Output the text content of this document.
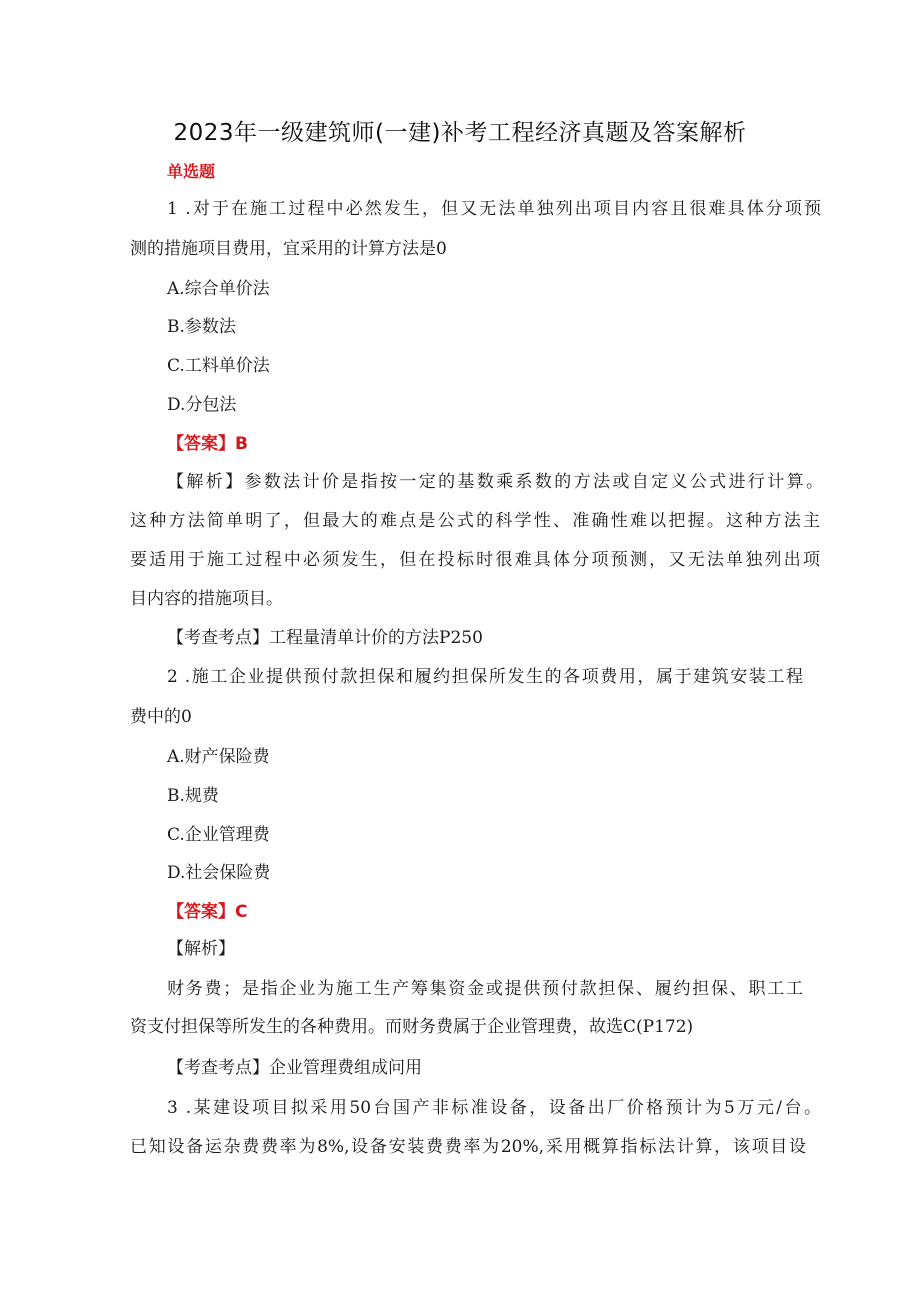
2023年一级建筑师(一建)补考工程经济真题及答案解析
单选题
1 .对于在施工过程中必然发生，但又无法单独列出项目内容且很难具体分项预
测的措施项目费用，宜采用的计算方法是0
A.综合单价法
B.参数法
C.工料单价法
D.分包法
【答案】B
【解析】参数法计价是指按一定的基数乘系数的方法或自定义公式进行计算。
这种方法简单明了，但最大的难点是公式的科学性、准确性难以把握。这种方法主
要适用于施工过程中必须发生，但在投标时很难具体分项预测，又无法单独列出项
目内容的措施项目。
【考查考点】工程量清单计价的方法P250
2 .施工企业提供预付款担保和履约担保所发生的各项费用，属于建筑安装工程
费中的0
A.财产保险费
B.规费
C.企业管理费
D.社会保险费
【答案】C
【解析】
财务费；是指企业为施工生产筹集资金或提供预付款担保、履约担保、职工工
资支付担保等所发生的各种费用。而财务费属于企业管理费，故选C(P172)
【考查考点】企业管理费组成问用
3 .某建设项目拟采用50台国产非标准设备，设备出厂价格预计为5万元/台。
已知设备运杂费费率为8%,设备安装费费率为20%,采用概算指标法计算，该项目设
